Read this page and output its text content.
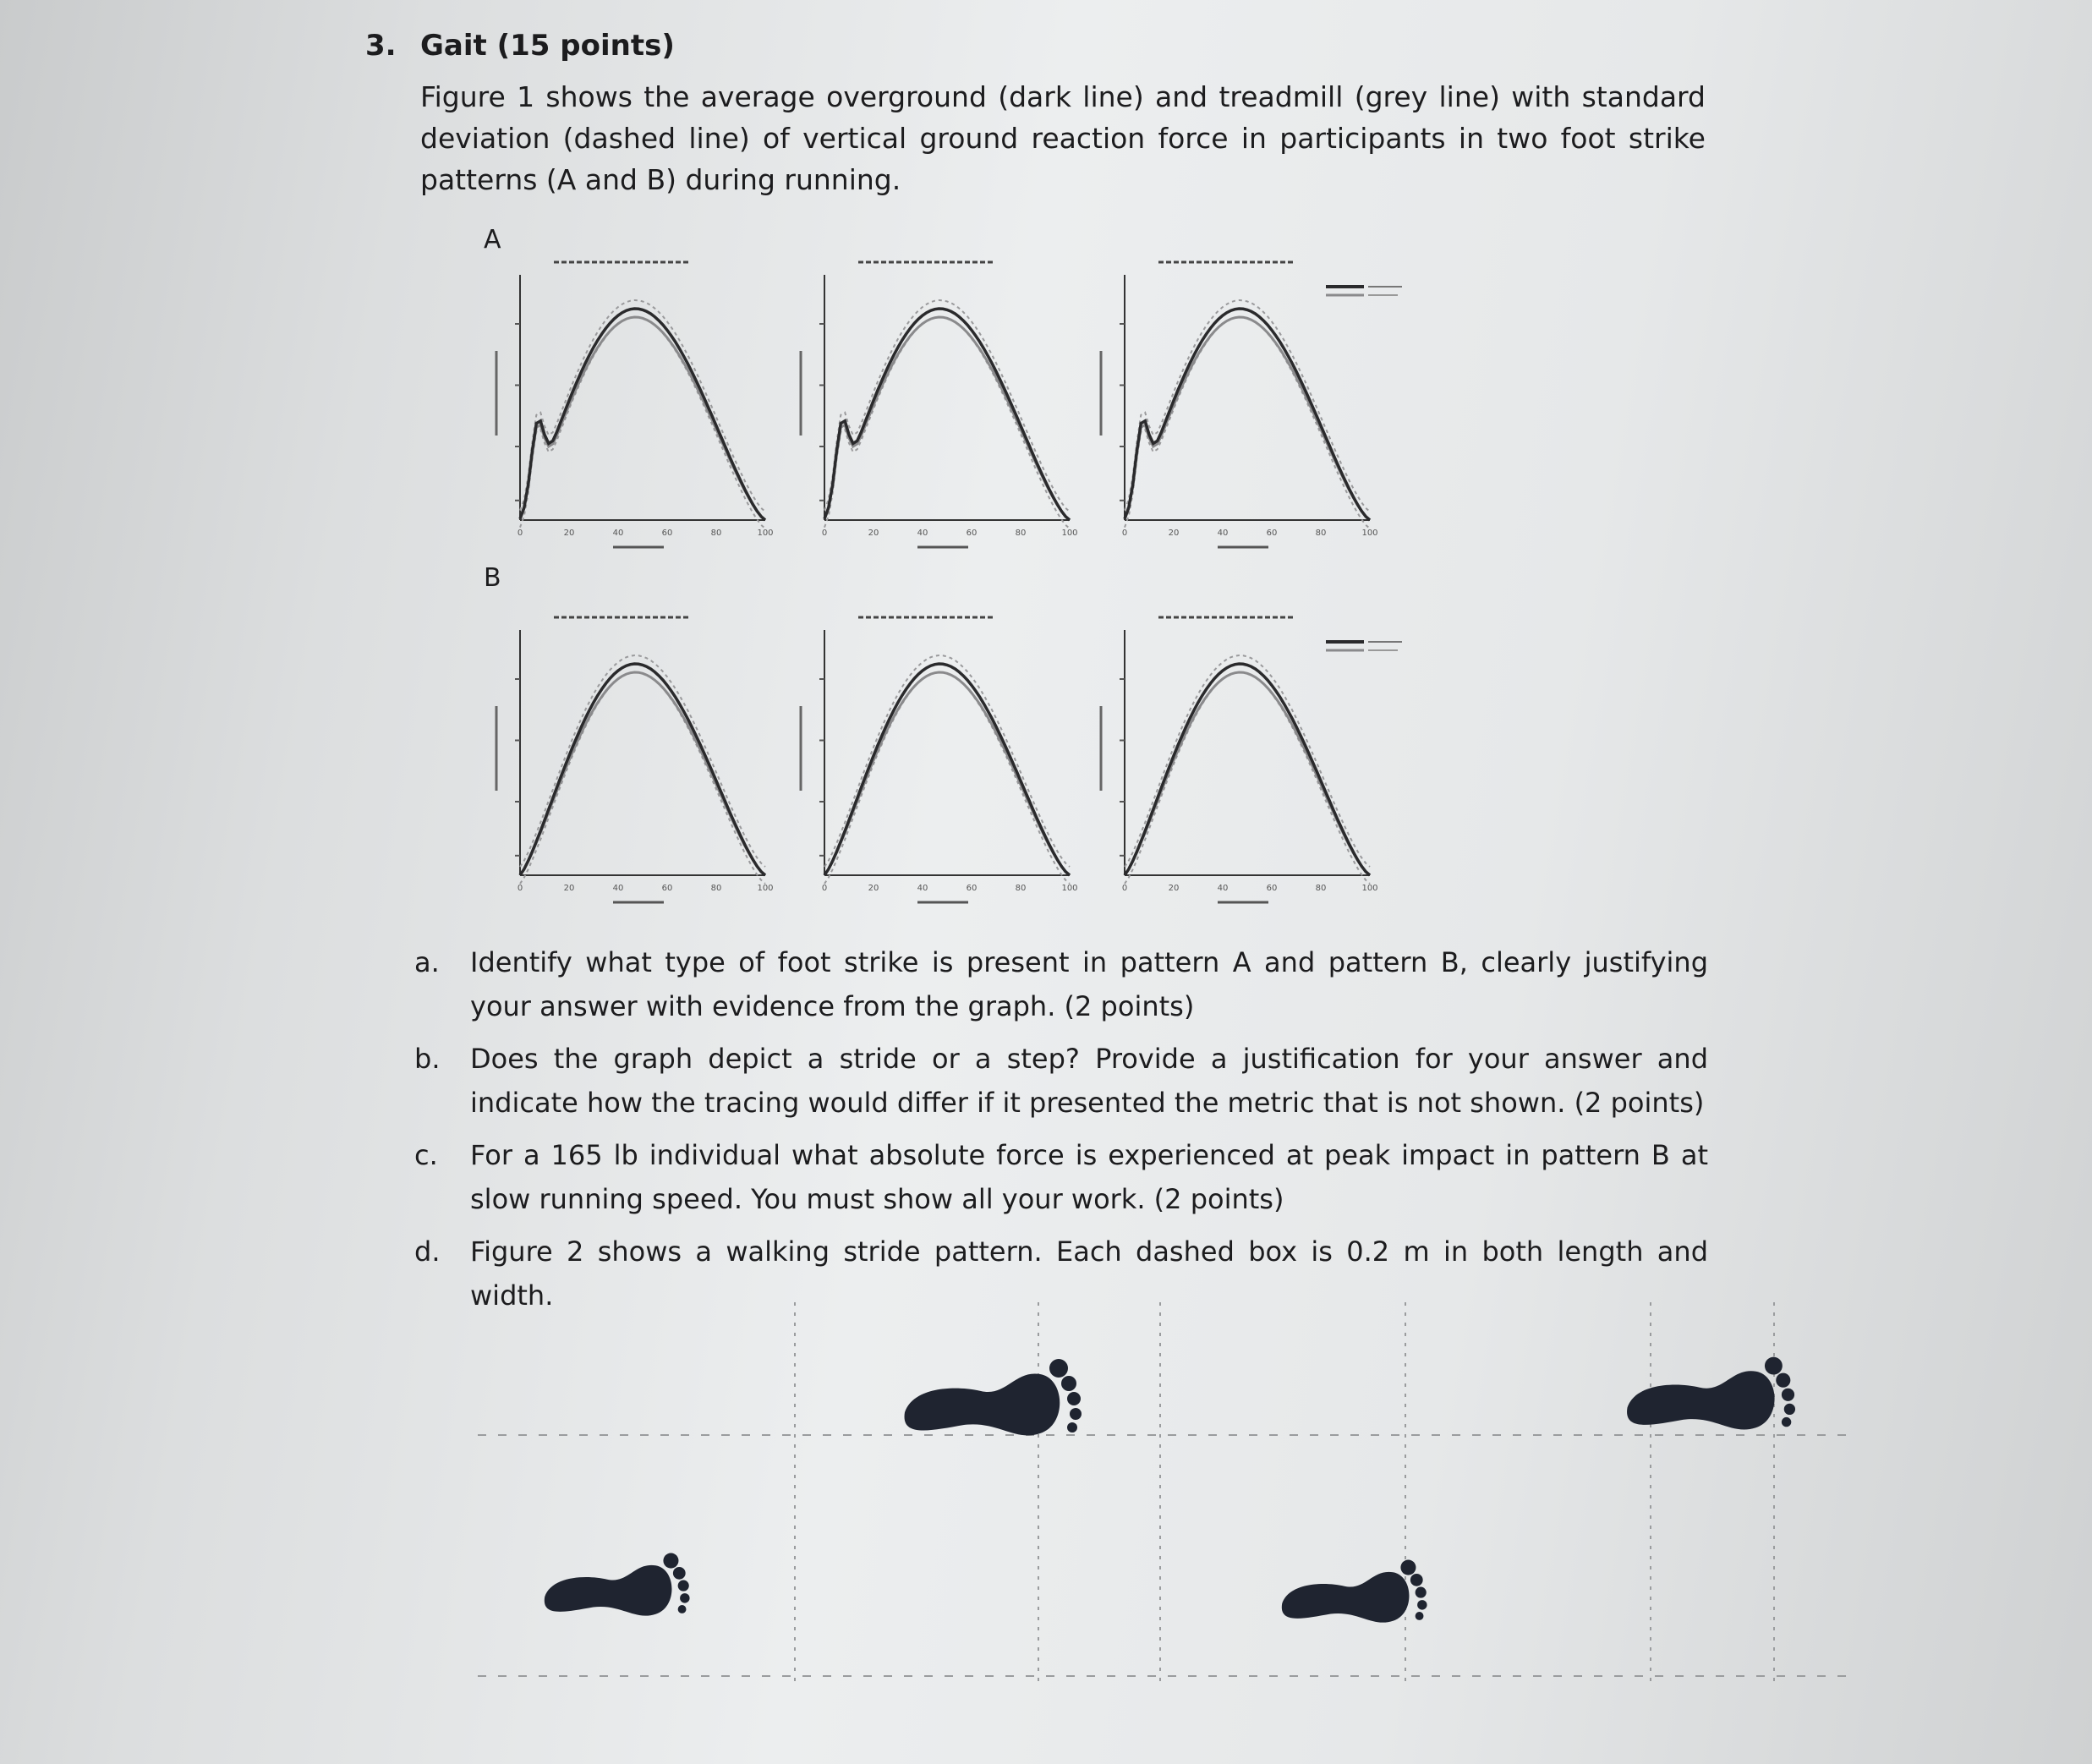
3. Gait (15 points)
Figure 1 shows the average overground (dark line) and treadmill (grey line) with standard deviation (dashed line) of vertical ground reaction force in participants in two foot strike patterns (A and B) during running.
A
B
0	20	40	60	80	100	0	20	40	60	80	100	0	20	40	60	80	100
0	20	40	60	80	100	0	20	40	60	80	100	0	20	40	60	80	100
a. Identify what type of foot strike is present in pattern A and pattern B, clearly justifying your answer with evidence from the graph. (2 points)
b. Does the graph depict a stride or a step? Provide a justification for your answer and indicate how the tracing would differ if it presented the metric that is not shown. (2 points)
c. For a 165 lb individual what absolute force is experienced at peak impact in pattern B at slow running speed. You must show all your work. (2 points)
d. Figure 2 shows a walking stride pattern. Each dashed box is 0.2 m in both length and width.
